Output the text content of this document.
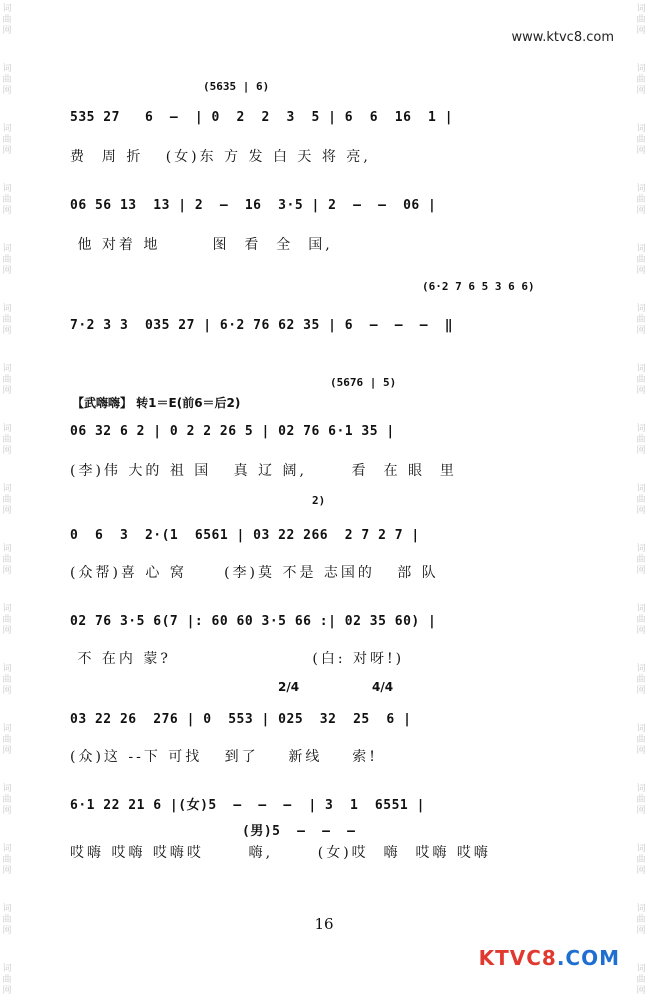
词
曲
网
词
曲
网
词
曲
网
词
曲
网
词
曲
网
词
曲
网
词
曲
网
词
曲
网
词
曲
网
词
曲
网
词
曲
网
词
曲
网
词
曲
网
词
曲
网
词
曲
网
词
曲
网
词
曲
网
词
曲
网
词
曲
网
词
曲
网
词
曲
网
词
曲
网
词
曲
网
词
曲
网
词
曲
网
词
曲
网
词
曲
网
词
曲
网
词
曲
网
词
曲
网
词
曲
网
词
曲
网
词
曲
网
词
曲
网
www.ktvc8.com
(5635 | 6)
535 27   6  —  | 0  2  2  3  5 | 6  6  16  1 |
费  周 折   (女)东 方 发 白 天 将 亮,
06 56 13  13 | 2  —  16  3·5 | 2  —  —  06 |
他 对着 地       图  看  全  国,
(6·2 7 6 5 3 6 6)
7·2 3 3  035 27 | 6·2 76 62 35 | 6  —  —  —  ‖
(5676 | 5)
【武嗨嗨】 转1＝E(前6＝后2)
06 32 6 2 | 0 2 2 26 5 | 02 76 6·1 35 |
(李)伟 大的 祖 国   真 辽 阔,      看  在 眼  里
2)
0  6  3  2·(1  6561 | 03 22 266  2 7 2 7 |
(众帮)喜 心 窝     (李)莫 不是 志国的   部 队
02 76 3·5 6(7 |: 60 60 3·5 66 :| 02 35 60) |
不 在内 蒙?                   (白: 对呀!)
2/4	4/4
03 22 26  276 | 0  553 | 025  32  25  6 |
(众)这 --下 可找   到了    新线    索!
6·1 22 21 6 |(女)5  —  —  —  | 3  1  6551 |
(男)5  —  —  —
哎嗨 哎嗨 哎嗨哎      嗨,      (女)哎  嗨  哎嗨 哎嗨
16
KTVC8.COM
